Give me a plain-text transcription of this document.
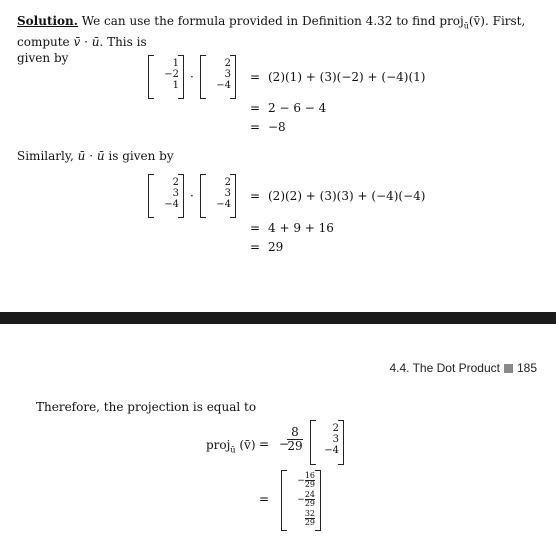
Solution. We can use the formula provided in Definition 4.32 to find proj$_ū$(v̄). First, compute v̄ · ū. This is
given by	1
−2
1
·
2
3
−4
= (2)(1) + (3)(−2) + (−4)(1)
= 2 − 6 − 4
= −8
Similarly, ū · ū is given by
2
3
−4
·
2
3
−4
= (2)(2) + (3)(3) + (−4)(−4)
= 4 + 9 + 16
= 29
4.4. The Dot Product 185
Therefore, the projection is equal to
proj$_ū$ (v̄) = −
8
29
2
3
−4
=
− 16
29
− 24
29
32
29
